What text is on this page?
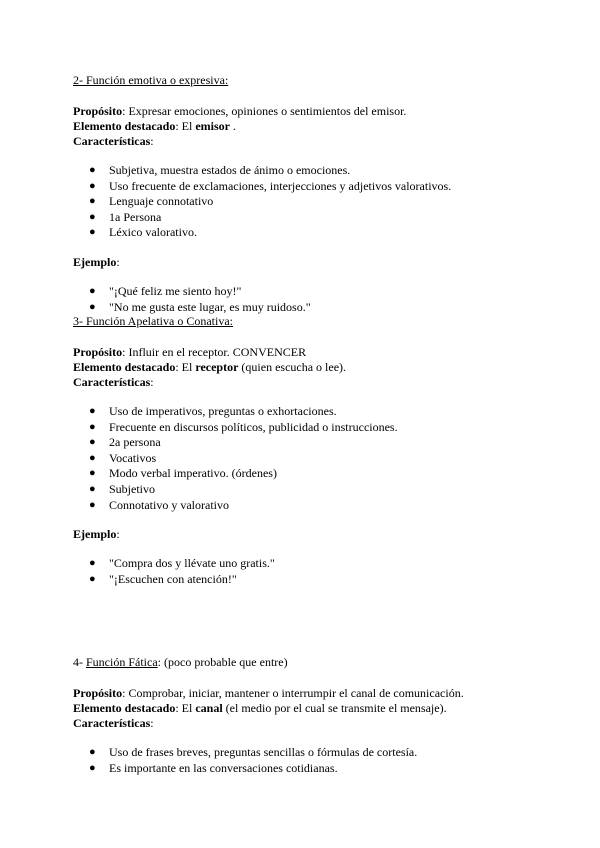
2- Función emotiva o expresiva:

Propósito: Expresar emociones, opiniones o sentimientos del emisor.

Elemento destacado: El emisor .

Características:

● Subjetiva, muestra estados de ánimo o emociones.
● Uso frecuente de exclamaciones, interjecciones y adjetivos valorativos.
● Lenguaje connotativo
● 1a Persona
● Léxico valorativo.

Ejemplo:

● "¡Qué feliz me siento hoy!"
● "No me gusta este lugar, es muy ruidoso."

3- Función Apelativa o Conativa:

Propósito: Influir en el receptor. CONVENCER

Elemento destacado: El receptor (quien escucha o lee).

Características:

● Uso de imperativos, preguntas o exhortaciones.
● Frecuente en discursos políticos, publicidad o instrucciones.
● 2a persona
● Vocativos
● Modo verbal imperativo. (órdenes)
● Subjetivo
● Connotativo y valorativo

Ejemplo:

● "Compra dos y llévate uno gratis."
● "¡Escuchen con atención!"

4- Función Fática: (poco probable que entre)

Propósito: Comprobar, iniciar, mantener o interrumpir el canal de comunicación.

Elemento destacado: El canal (el medio por el cual se transmite el mensaje).

Características:

● Uso de frases breves, preguntas sencillas o fórmulas de cortesía.
● Es importante en las conversaciones cotidianas.
